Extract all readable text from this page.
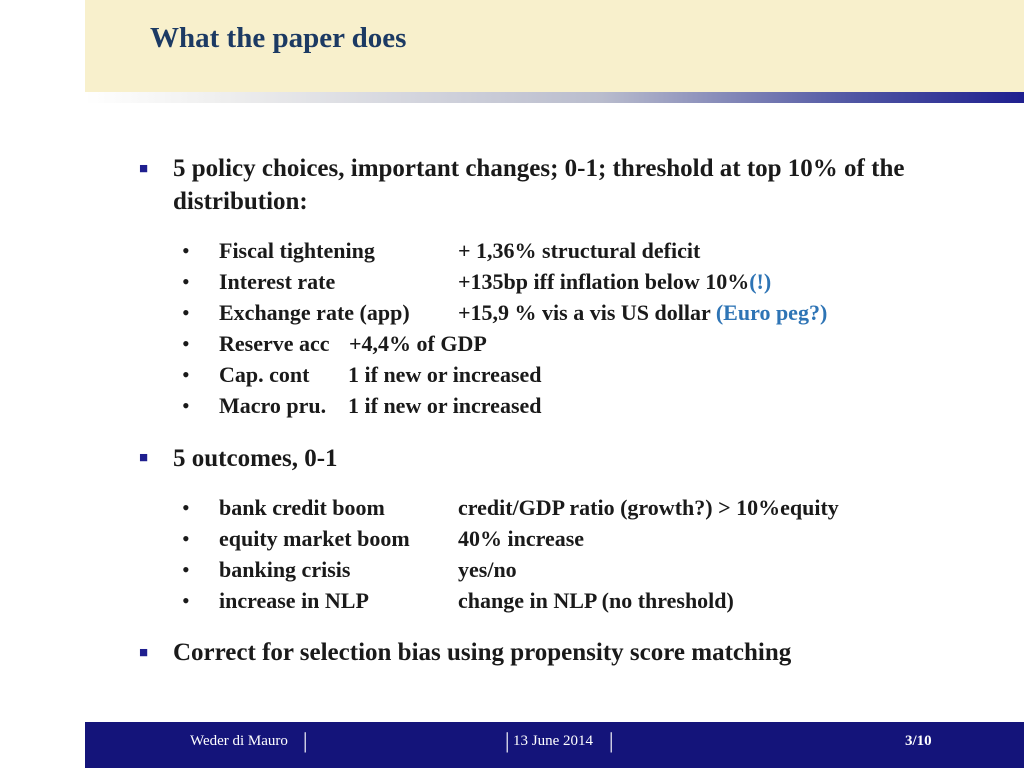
What the paper does
■ 5 policy choices, important changes; 0-1; threshold at top 10% of the distribution:
• Fiscal tightening	+ 1,36% structural deficit
• Interest rate	+135bp iff inflation below 10%(!)
• Exchange rate (app) +15,9 % vis a vis US dollar (Euro peg?)
• Reserve acc +4,4% of GDP
• Cap. cont 1 if new or increased
• Macro pru. 1 if new or increased
■ 5 outcomes, 0-1
• bank credit boom	credit/GDP ratio (growth?) > 10%equity
• equity market boom 40% increase
• banking crisis	yes/no
• increase in NLP	change in NLP (no threshold)
■ Correct for selection bias using propensity score matching
Weder di Mauro |	| 13 June 2014 |	3/10
